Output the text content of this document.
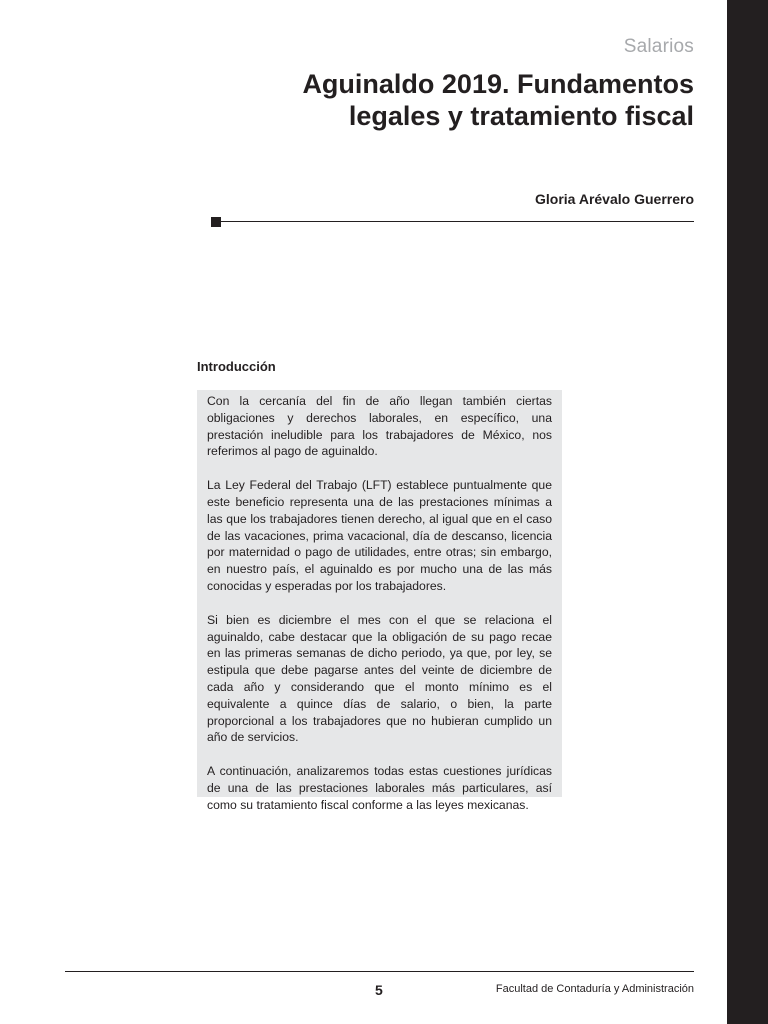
Salarios
Aguinaldo 2019. Fundamentos
legales y tratamiento fiscal
Gloria Arévalo Guerrero
Introducción

Con la cercanía del fin de año llegan también ciertas obligaciones y derechos laborales, en específico, una prestación ineludible para los trabajadores de México, nos referimos al pago de aguinaldo.

La Ley Federal del Trabajo (LFT) establece puntualmente que este beneficio representa una de las prestaciones mínimas a las que los trabajadores tienen derecho, al igual que en el caso de las vacaciones, prima vacacional, día de descanso, licencia por maternidad o pago de utilidades, entre otras; sin embargo, en nuestro país, el aguinaldo es por mucho una de las más conocidas y esperadas por los trabajadores.

Si bien es diciembre el mes con el que se relaciona el aguinaldo, cabe destacar que la obligación de su pago recae en las primeras semanas de dicho periodo, ya que, por ley, se estipula que debe pagarse antes del veinte de diciembre de cada año y considerando que el monto mínimo es el equivalente a quince días de salario, o bien, la parte proporcional a los trabajadores que no hubieran cumplido un año de servicios.

A continuación, analizaremos todas estas cuestiones jurídicas de una de las prestaciones laborales más particulares, así como su tratamiento fiscal conforme a las leyes mexicanas.

5	Facultad de Contaduría y Administración
